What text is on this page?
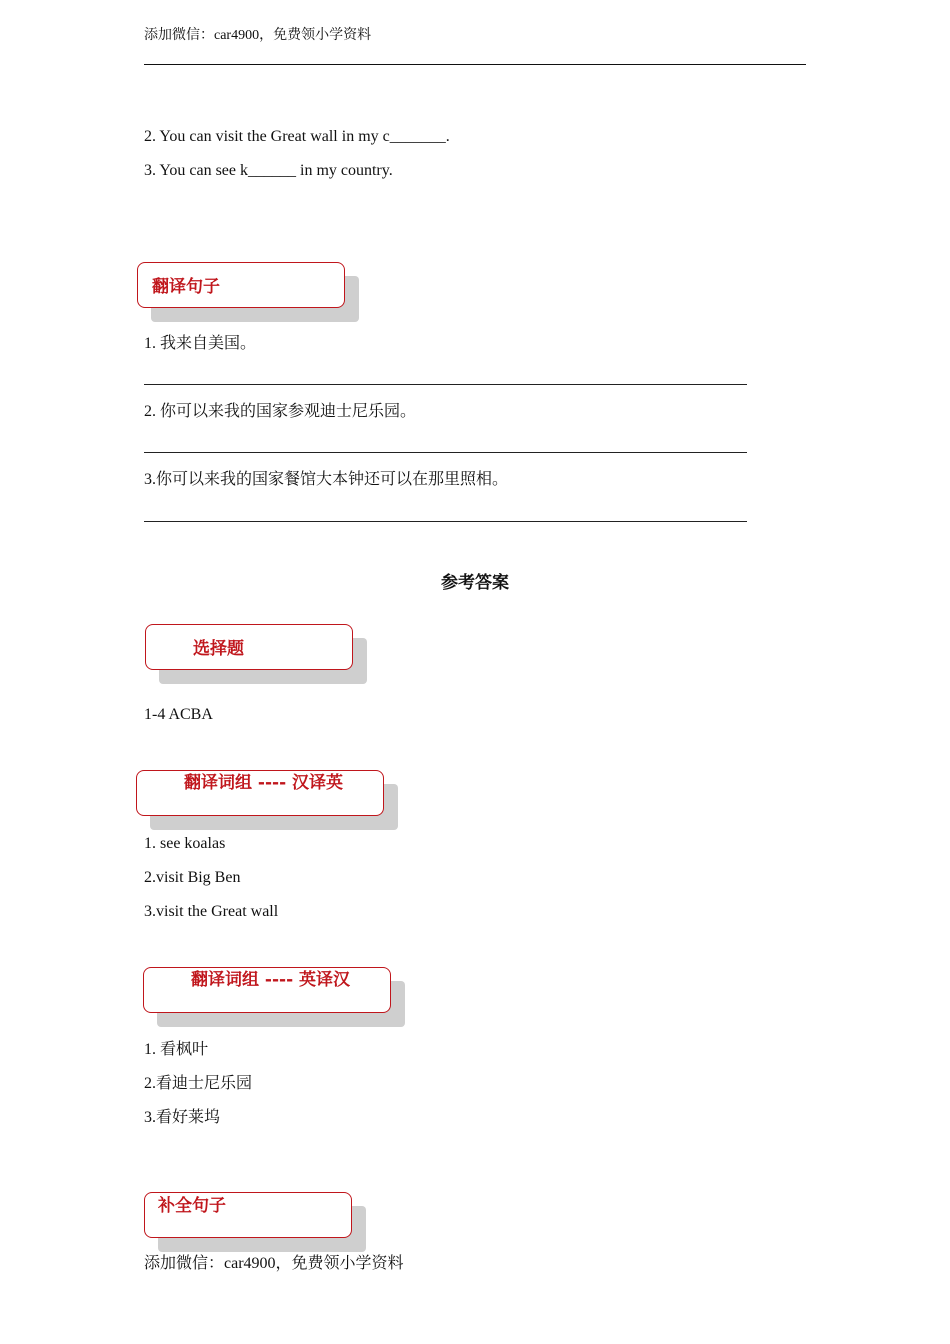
添加微信：car4900，免费领小学资料
2. You can visit the Great wall in my c_______.
3. You can see k______ in my country.
翻译句子
1. 我来自美国。
2. 你可以来我的国家参观迪士尼乐园。
3.你可以来我的国家餐馆大本钟还可以在那里照相。
参考答案
选择题
1-4 ACBA
翻译词组 ---- 汉译英
1. see koalas
2.visit Big Ben
3.visit the Great wall
翻译词组 ---- 英译汉
1. 看枫叶
2.看迪士尼乐园
3.看好莱坞
补全句子
添加微信：car4900，免费领小学资料
